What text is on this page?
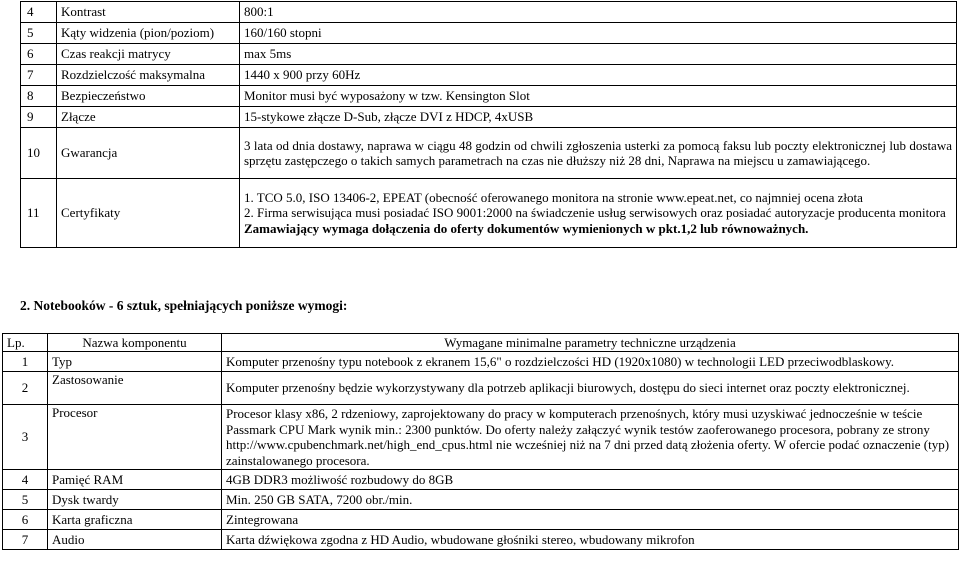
4	Kontrast	800:1
5	Kąty widzenia (pion/poziom)	160/160 stopni
6	Czas reakcji matrycy	max 5ms
7	Rozdzielczość maksymalna	1440 x 900 przy 60Hz
8	Bezpieczeństwo	Monitor musi być wyposażony w tzw. Kensington Slot
9	Złącze	15-stykowe złącze D-Sub, złącze DVI z HDCP, 4xUSB
10	Gwarancja	3 lata od dnia dostawy, naprawa w ciągu 48 godzin od chwili zgłoszenia usterki za pomocą faksu lub poczty elektronicznej lub dostawa sprzętu zastępczego o takich samych parametrach na czas nie dłuższy niż 28 dni, Naprawa na miejscu u zamawiającego.
11	Certyfikaty	1. TCO 5.0, ISO 13406-2, EPEAT (obecność oferowanego monitora na stronie www.epeat.net, co najmniej ocena złota
2. Firma serwisująca musi posiadać ISO 9001:2000 na świadczenie usług serwisowych oraz posiadać autoryzacje producenta monitora
Zamawiający wymaga dołączenia do oferty dokumentów wymienionych w pkt.1,2 lub równoważnych.

2. Notebooków - 6 sztuk, spełniających poniższe wymogi:

Lp.	Nazwa komponentu	Wymagane minimalne parametry techniczne urządzenia
1	Typ	Komputer przenośny typu notebook z ekranem 15,6" o rozdzielczości HD (1920x1080) w technologii LED przeciwodblaskowy.
2	Zastosowanie	Komputer przenośny będzie wykorzystywany dla potrzeb aplikacji biurowych, dostępu do sieci internet oraz poczty elektronicznej.
3	Procesor	Procesor klasy x86, 2 rdzeniowy, zaprojektowany do pracy w komputerach przenośnych, który musi uzyskiwać jednocześnie w teście Passmark CPU Mark wynik min.: 2300 punktów. Do oferty należy załączyć wynik testów zaoferowanego procesora, pobrany ze strony http://www.cpubenchmark.net/high_end_cpus.html nie wcześniej niż na 7 dni przed datą złożenia oferty. W ofercie podać oznaczenie (typ) zainstalowanego procesora.
4	Pamięć RAM	4GB DDR3 możliwość rozbudowy do 8GB
5	Dysk twardy	Min. 250 GB SATA, 7200 obr./min.
6	Karta graficzna	Zintegrowana
7	Audio	Karta dźwiękowa zgodna z HD Audio, wbudowane głośniki stereo, wbudowany mikrofon
